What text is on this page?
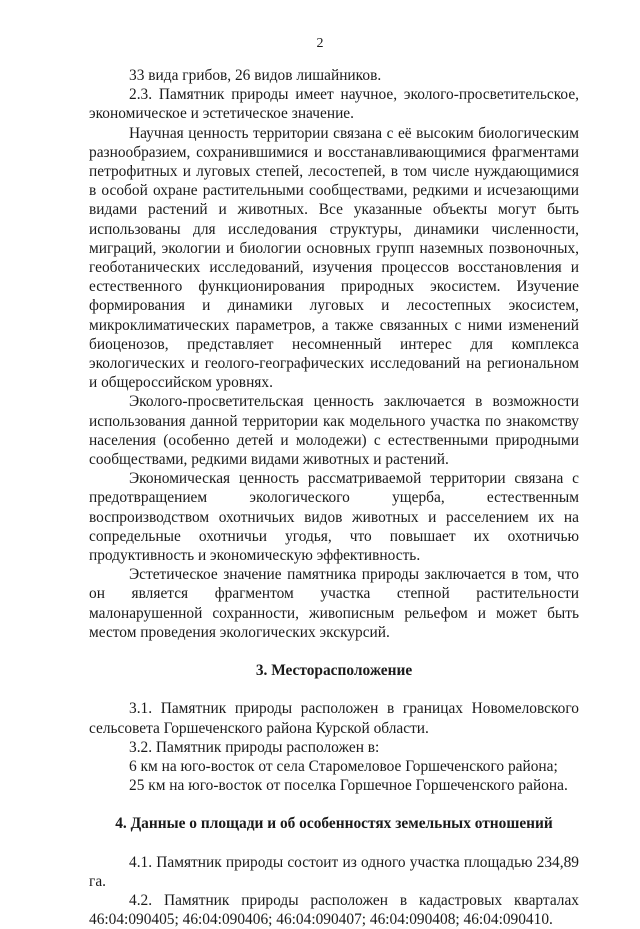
2

33 вида грибов, 26 видов лишайников.

2.3. Памятник природы имеет научное, эколого-просветительское, экономическое и эстетическое значение.

Научная ценность территории связана с её высоким биологическим разнообразием, сохранившимися и восстанавливающимися фрагментами петрофитных и луговых степей, лесостепей, в том числе нуждающимися в особой охране растительными сообществами, редкими и исчезающими видами растений и животных. Все указанные объекты могут быть использованы для исследования структуры, динамики численности, миграций, экологии и биологии основных групп наземных позвоночных, геоботанических исследований, изучения процессов восстановления и естественного функционирования природных экосистем. Изучение формирования и динамики луговых и лесостепных экосистем, микроклиматических параметров, а также связанных с ними изменений биоценозов, представляет несомненный интерес для комплекса экологических и геолого-географических исследований на региональном и общероссийском уровнях.

Эколого-просветительская ценность заключается в возможности использования данной территории как модельного участка по знакомству населения (особенно детей и молодежи) с естественными природными сообществами, редкими видами животных и растений.

Экономическая ценность рассматриваемой территории связана с предотвращением экологического ущерба, естественным воспроизводством охотничьих видов животных и расселением их на сопредельные охотничьи угодья, что повышает их охотничью продуктивность и экономическую эффективность.

Эстетическое значение памятника природы заключается в том, что он является фрагментом участка степной растительности малонарушенной сохранности, живописным рельефом и может быть местом проведения экологических экскурсий.

3. Месторасположение

3.1. Памятник природы расположен в границах Новомеловского сельсовета Горшеченского района Курской области.

3.2. Памятник природы расположен в:

6 км на юго-восток от села Старомеловое Горшеченского района;

25 км на юго-восток от поселка Горшечное Горшеченского района.

4. Данные о площади и об особенностях земельных отношений

4.1. Памятник природы состоит из одного участка площадью 234,89 га.

4.2. Памятник природы расположен в кадастровых кварталах 46:04:090405; 46:04:090406; 46:04:090407; 46:04:090408; 46:04:090410.
